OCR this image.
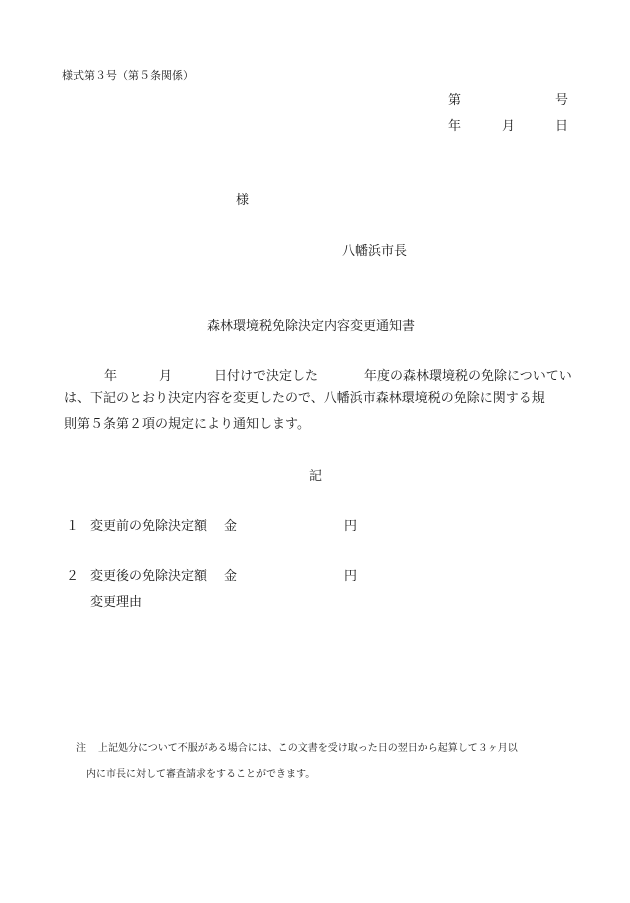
様式第３号（第５条関係）
第	号
年	月	日
様
八幡浜市長
森林環境税免除決定内容変更通知書
年	月	日付けで決定した	年度の森林環境税の免除についてい
は、下記のとおり決定内容を変更したので、八幡浜市森林環境税の免除に関する規
則第５条第２項の規定により通知します。
記
１ 変更前の免除決定額 金	円
２ 変更後の免除決定額 金	円
変更理由
注 上記処分について不服がある場合には、この文書を受け取った日の翌日から起算して３ヶ月以
内に市長に対して審査請求をすることができます。
